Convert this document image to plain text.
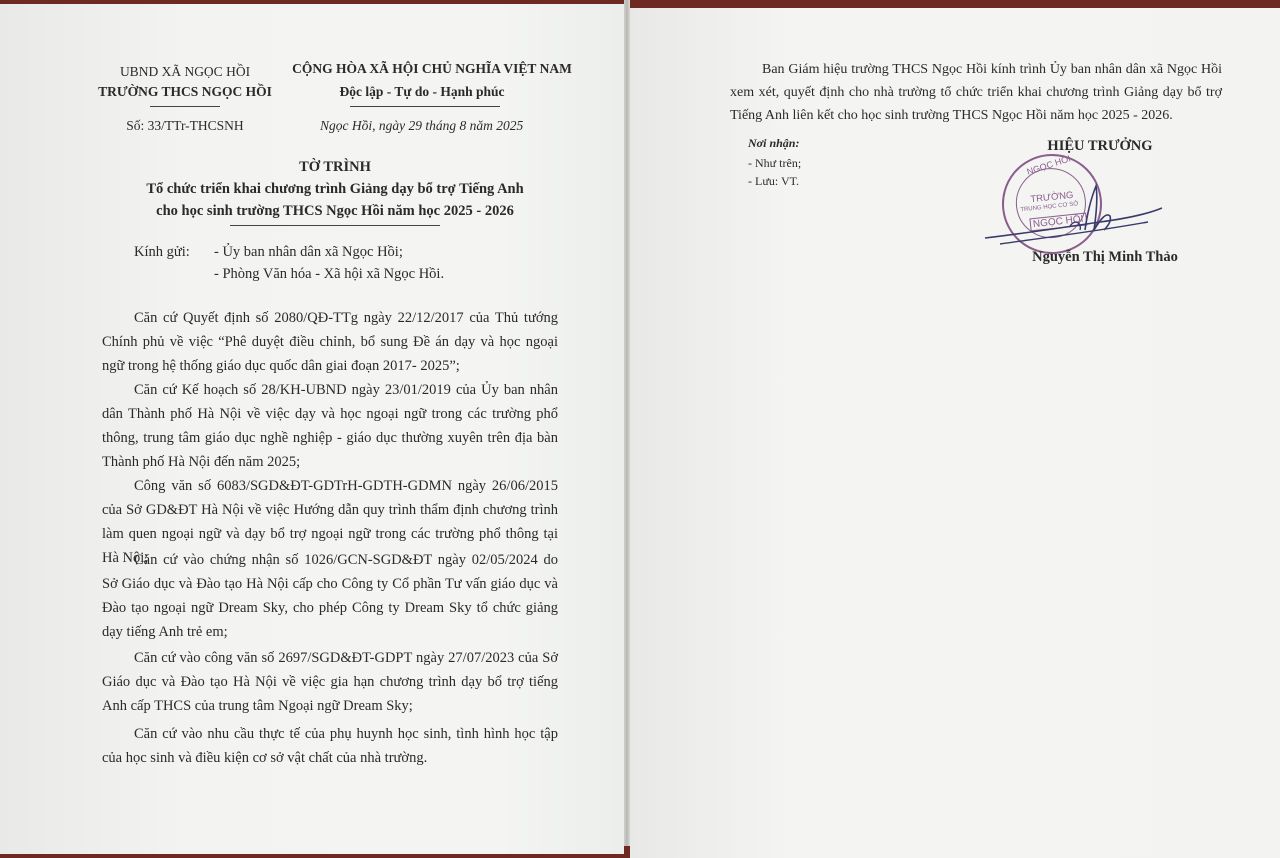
UBND XÃ NGỌC HỒI
TRƯỜNG THCS NGỌC HỒI
Số: 33/TTr-THCSNH
CỘNG HÒA XÃ HỘI CHỦ NGHĨA VIỆT NAM
Độc lập - Tự do - Hạnh phúc
Ngọc Hồi, ngày 29 tháng 8 năm 2025
TỜ TRÌNH
Tổ chức triển khai chương trình Giảng dạy bổ trợ Tiếng Anh
cho học sinh trường THCS Ngọc Hồi năm học 2025 - 2026
Kính gửi: - Ủy ban nhân dân xã Ngọc Hồi;
- Phòng Văn hóa - Xã hội xã Ngọc Hồi.

Căn cứ Quyết định số 2080/QĐ-TTg ngày 22/12/2017 của Thủ tướng Chính phủ về việc “Phê duyệt điều chỉnh, bổ sung Đề án dạy và học ngoại ngữ trong hệ thống giáo dục quốc dân giai đoạn 2017- 2025”;

Căn cứ Kế hoạch số 28/KH-UBND ngày 23/01/2019 của Ủy ban nhân dân Thành phố Hà Nội về việc dạy và học ngoại ngữ trong các trường phổ thông, trung tâm giáo dục nghề nghiệp - giáo dục thường xuyên trên địa bàn Thành phố Hà Nội đến năm 2025;

Công văn số 6083/SGD&ĐT-GDTrH-GDTH-GDMN ngày 26/06/2015 của Sở GD&ĐT Hà Nội về việc Hướng dẫn quy trình thẩm định chương trình làm quen ngoại ngữ và dạy bổ trợ ngoại ngữ trong các trường phổ thông tại Hà Nội;

Căn cứ vào chứng nhận số 1026/GCN-SGD&ĐT ngày 02/05/2024 do Sở Giáo dục và Đào tạo Hà Nội cấp cho Công ty Cổ phần Tư vấn giáo dục và Đào tạo ngoại ngữ Dream Sky, cho phép Công ty Dream Sky tổ chức giảng dạy tiếng Anh trẻ em;

Căn cứ vào công văn số 2697/SGD&ĐT-GDPT ngày 27/07/2023 của Sở Giáo dục và Đào tạo Hà Nội về việc gia hạn chương trình dạy bổ trợ tiếng Anh cấp THCS của trung tâm Ngoại ngữ Dream Sky;

Căn cứ vào nhu cầu thực tế của phụ huynh học sinh, tình hình học tập của học sinh và điều kiện cơ sở vật chất của nhà trường.

Ban Giám hiệu trường THCS Ngọc Hồi kính trình Ủy ban nhân dân xã Ngọc Hồi xem xét, quyết định cho nhà trường tổ chức triển khai chương trình Giảng dạy bổ trợ Tiếng Anh liên kết cho học sinh trường THCS Ngọc Hồi năm học 2025 - 2026.

Nơi nhận:
- Như trên;
- Lưu: VT.
HIỆU TRƯỞNG
NGỌC HỒI
TRƯỜNG
TRUNG HỌC CƠ SỞ
NGỌC HỒI
Nguyễn Thị Minh Thảo
